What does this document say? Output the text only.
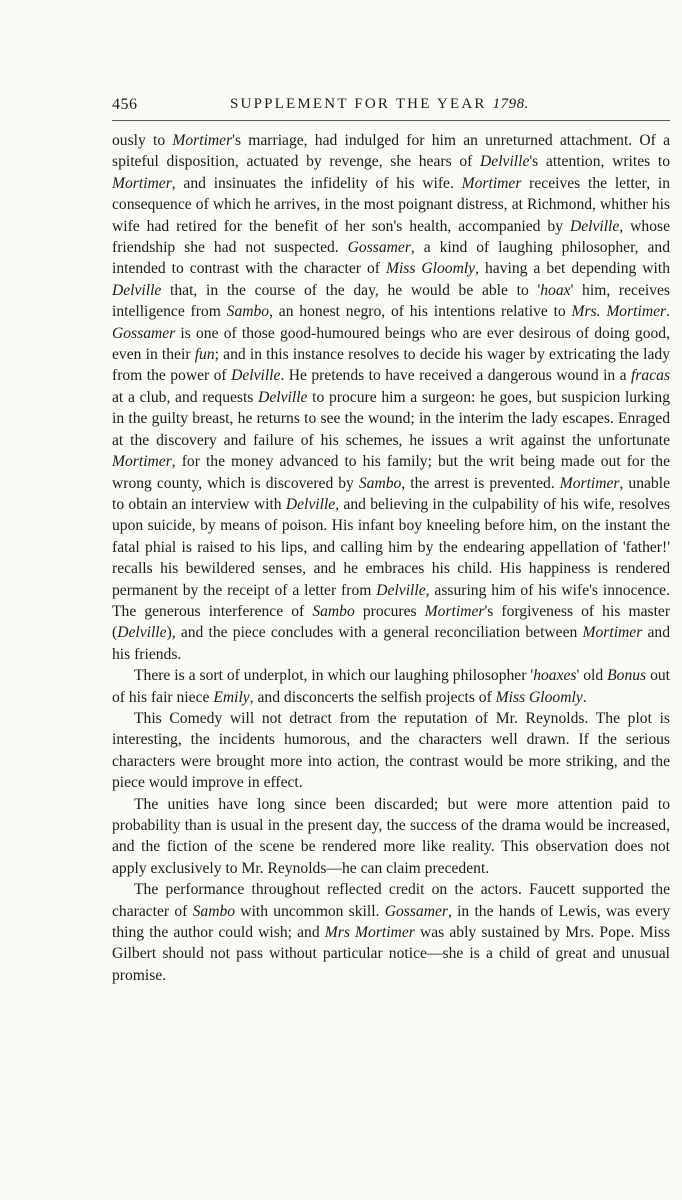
456	SUPPLEMENT FOR THE YEAR 1798.

ously to Mortimer's marriage, had indulged for him an unreturned attachment. Of a spiteful disposition, actuated by revenge, she hears of Delville's attention, writes to Mortimer, and insinuates the infidelity of his wife. Mortimer receives the letter, in consequence of which he arrives, in the most poignant distress, at Richmond, whither his wife had retired for the benefit of her son's health, accompanied by Delville, whose friendship she had not suspected. Gossamer, a kind of laughing philosopher, and intended to contrast with the character of Miss Gloomly, having a bet depending with Delville that, in the course of the day, he would be able to 'hoax' him, receives intelligence from Sambo, an honest negro, of his intentions relative to Mrs. Mortimer. Gossamer is one of those good-humoured beings who are ever desirous of doing good, even in their fun; and in this instance resolves to decide his wager by extricating the lady from the power of Delville. He pretends to have received a dangerous wound in a fracas at a club, and requests Delville to procure him a surgeon: he goes, but suspicion lurking in the guilty breast, he returns to see the wound; in the interim the lady escapes. Enraged at the discovery and failure of his schemes, he issues a writ against the unfortunate Mortimer, for the money advanced to his family; but the writ being made out for the wrong county, which is discovered by Sambo, the arrest is prevented. Mortimer, unable to obtain an interview with Delville, and believing in the culpability of his wife, resolves upon suicide, by means of poison. His infant boy kneeling before him, on the instant the fatal phial is raised to his lips, and calling him by the endearing appellation of 'father!' recalls his bewildered senses, and he embraces his child. His happiness is rendered permanent by the receipt of a letter from Delville, assuring him of his wife's innocence. The generous interference of Sambo procures Mortimer's forgiveness of his master (Delville), and the piece concludes with a general reconciliation between Mortimer and his friends.

There is a sort of underplot, in which our laughing philosopher 'hoaxes' old Bonus out of his fair niece Emily, and disconcerts the selfish projects of Miss Gloomly.

This Comedy will not detract from the reputation of Mr. Reynolds. The plot is interesting, the incidents humorous, and the characters well drawn. If the serious characters were brought more into action, the contrast would be more striking, and the piece would improve in effect.

The unities have long since been discarded; but were more attention paid to probability than is usual in the present day, the success of the drama would be increased, and the fiction of the scene be rendered more like reality. This observation does not apply exclusively to Mr. Reynolds—he can claim precedent.

The performance throughout reflected credit on the actors. Faucett supported the character of Sambo with uncommon skill. Gossamer, in the hands of Lewis, was every thing the author could wish; and Mrs Mortimer was ably sustained by Mrs. Pope. Miss Gilbert should not pass without particular notice—she is a child of great and unusual promise.
